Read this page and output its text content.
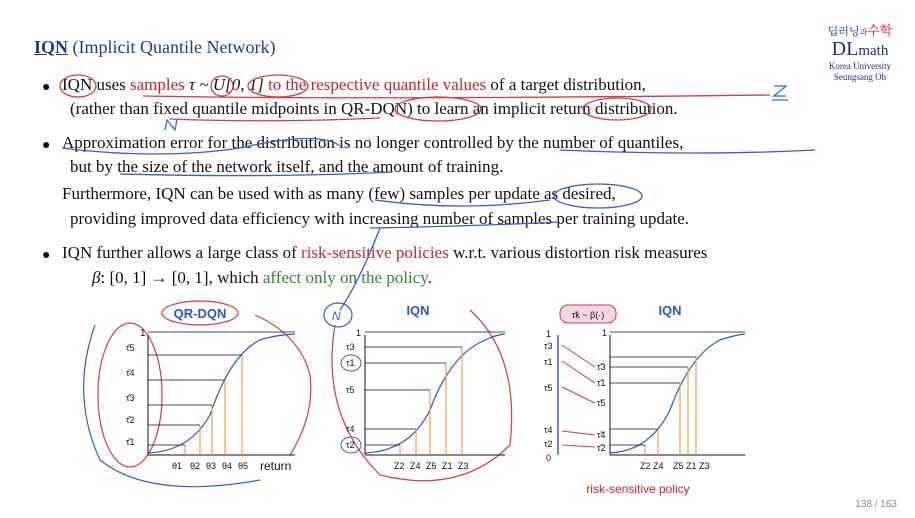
IQN (Implicit Quantile Network)
딥러닝과수학
DLmath
Korea University
Seungsang Oh
● IQN uses samples τ ~ U[0, 1] to the respective quantile values of a target distribution,
(rather than fixed quantile midpoints in QR-DQN) to learn an implicit return distribution.
● Approximation error for the distribution is no longer controlled by the number of quantiles,
but by the size of the network itself, and the amount of training.
Furthermore, IQN can be used with as many (few) samples per update as desired,
providing improved data efficiency with increasing number of samples per training update.
● IQN further allows a large class of risk-sensitive policies w.r.t. various distortion risk measures
β: [0, 1] → [0, 1], which affect only on the policy.
QR-DQN
1
τ̂5
τ̂4
τ̂3
τ̂2
τ̂1
θ1 θ2 θ3 θ4 θ5 return
N	IQN
1
τ3
τ1
τ5
τ4
τ2
Z2 Z4 Z5 Z1 Z3
τ̃k ~ β(·)	IQN
1
τ3
τ1
τ5
τ4
τ2
0
τ̃3
τ̃1
τ̃5
τ̃4
τ̃2
1
Z2 Z4 Z5 Z1 Z3
risk-sensitive policy
138 / 163
